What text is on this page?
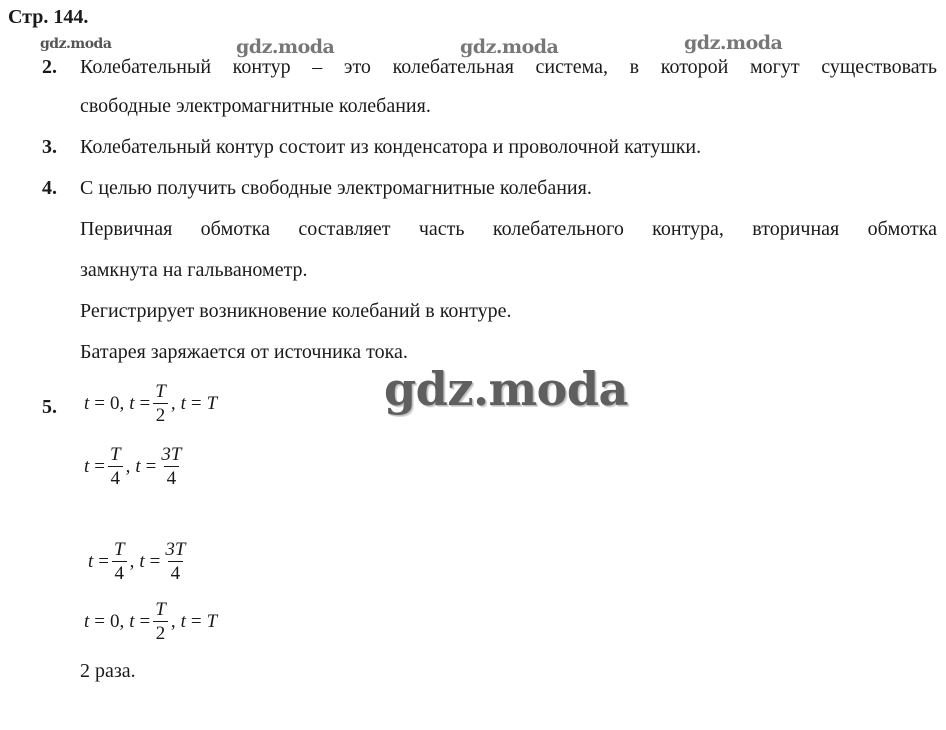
Стр. 144.
gdz.moda	gdz.moda	gdz.moda	gdz.moda
gdz.moda
2. Колебательный контур – это колебательная система, в которой могут существовать
свободные электромагнитные колебания.
3. Колебательный контур состоит из конденсатора и проволочной катушки.
4. С целью получить свободные электромагнитные колебания.
Первичная обмотка составляет часть колебательного контура, вторичная обмотка
замкнута на гальванометр.
Регистрирует возникновение колебаний в контуре.
Батарея заряжается от источника тока.
5. t = 0 , $t = \frac{T}{2}$ , t = T
$t = \frac{T}{4}$ , $t = \frac{3T}{4}$
$t = \frac{T}{4}$ , $t = \frac{3T}{4}$
t = 0 , $t = \frac{T}{2}$ , t = T
2 раза.
